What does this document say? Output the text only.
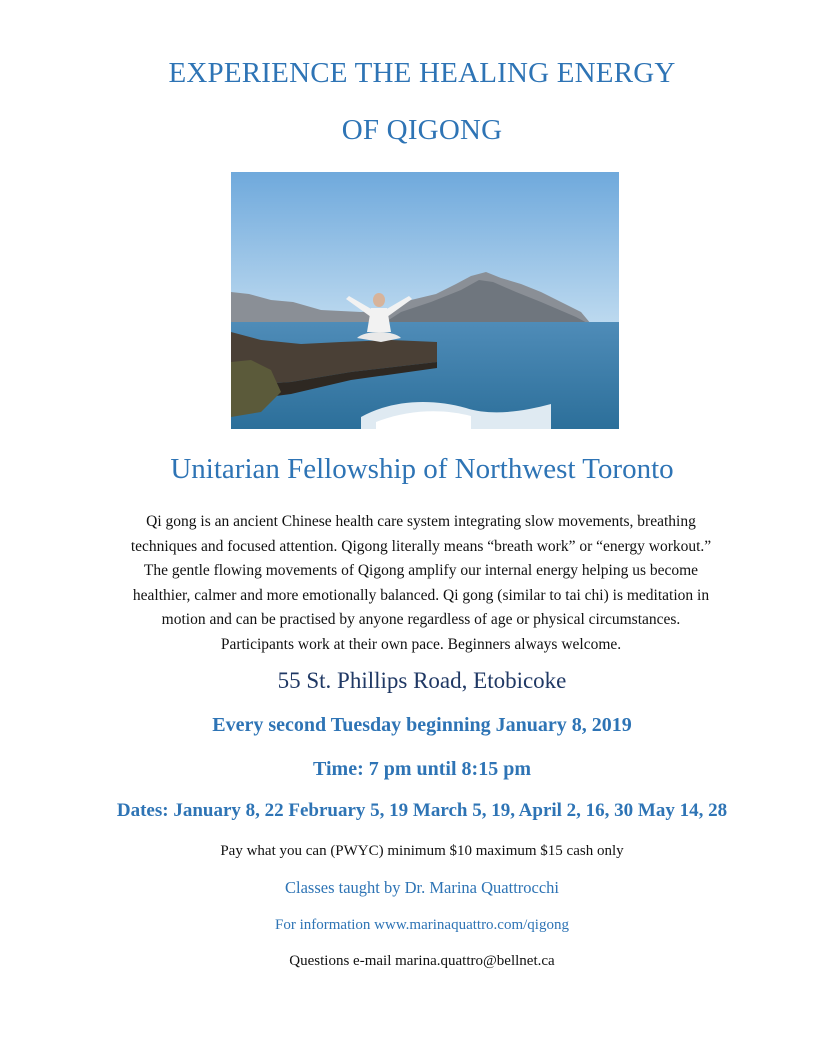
EXPERIENCE THE HEALING ENERGY
OF QIGONG
Unitarian Fellowship of Northwest Toronto
Qi gong is an ancient Chinese health care system integrating slow movements, breathing
techniques and focused attention. Qigong literally means “breath work” or “energy workout.”
The gentle flowing movements of Qigong amplify our internal energy helping us become
healthier, calmer and more emotionally balanced. Qi gong (similar to tai chi) is meditation in
motion and can be practised by anyone regardless of age or physical circumstances.
Participants work at their own pace. Beginners always welcome.
55 St. Phillips Road, Etobicoke
Every second Tuesday beginning January 8, 2019
Time: 7 pm until 8:15 pm
Dates: January 8, 22 February 5, 19 March 5, 19, April 2, 16, 30 May 14, 28
Pay what you can (PWYC) minimum $10 maximum $15 cash only
Classes taught by Dr. Marina Quattrocchi
For information www.marinaquattro.com/qigong
Questions e-mail marina.quattro@bellnet.ca
